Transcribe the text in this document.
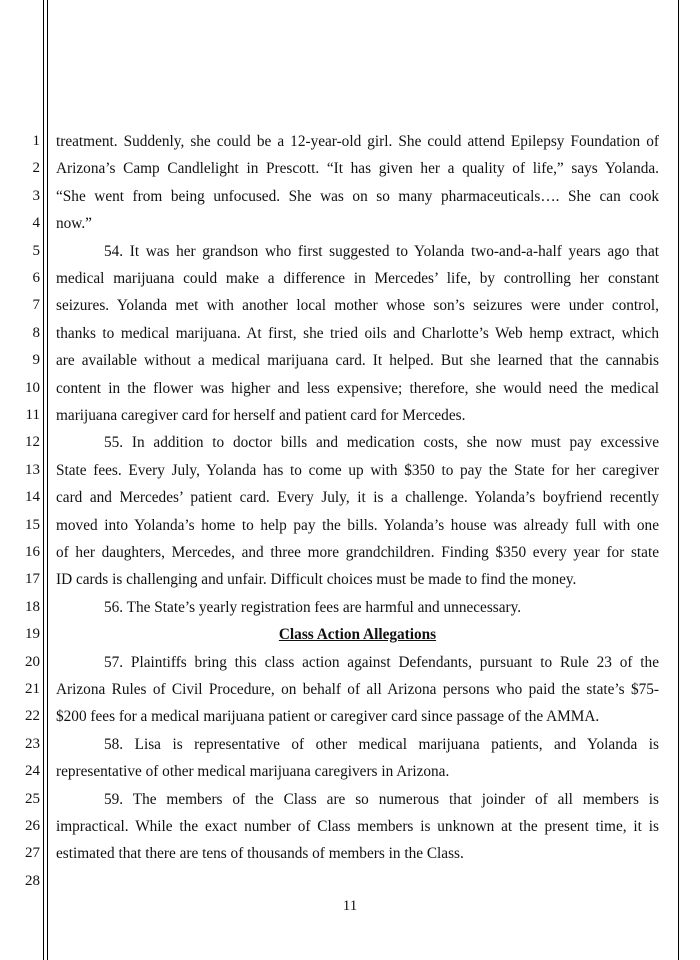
1
2
3
4
5
6
7
8
9
10
11
12
13
14
15
16
17
18
19
20
21
22
23
24
25
26
27
28
treatment. Suddenly, she could be a 12-year-old girl. She could attend Epilepsy Foundation of
Arizona’s Camp Candlelight in Prescott. “It has given her a quality of life,” says Yolanda.
“She went from being unfocused. She was on so many pharmaceuticals…. She can cook
now.”
54. It was her grandson who first suggested to Yolanda two-and-a-half years ago that
medical marijuana could make a difference in Mercedes’ life, by controlling her constant
seizures. Yolanda met with another local mother whose son’s seizures were under control,
thanks to medical marijuana. At first, she tried oils and Charlotte’s Web hemp extract, which
are available without a medical marijuana card. It helped. But she learned that the cannabis
content in the flower was higher and less expensive; therefore, she would need the medical
marijuana caregiver card for herself and patient card for Mercedes.
55. In addition to doctor bills and medication costs, she now must pay excessive
State fees. Every July, Yolanda has to come up with $350 to pay the State for her caregiver
card and Mercedes’ patient card. Every July, it is a challenge. Yolanda’s boyfriend recently
moved into Yolanda’s home to help pay the bills. Yolanda’s house was already full with one
of her daughters, Mercedes, and three more grandchildren. Finding $350 every year for state
ID cards is challenging and unfair. Difficult choices must be made to find the money.
56. The State’s yearly registration fees are harmful and unnecessary.
Class Action Allegations
57. Plaintiffs bring this class action against Defendants, pursuant to Rule 23 of the
Arizona Rules of Civil Procedure, on behalf of all Arizona persons who paid the state’s $75-
$200 fees for a medical marijuana patient or caregiver card since passage of the AMMA.
58. Lisa is representative of other medical marijuana patients, and Yolanda is
representative of other medical marijuana caregivers in Arizona.
59. The members of the Class are so numerous that joinder of all members is
impractical. While the exact number of Class members is unknown at the present time, it is
estimated that there are tens of thousands of members in the Class.
11
